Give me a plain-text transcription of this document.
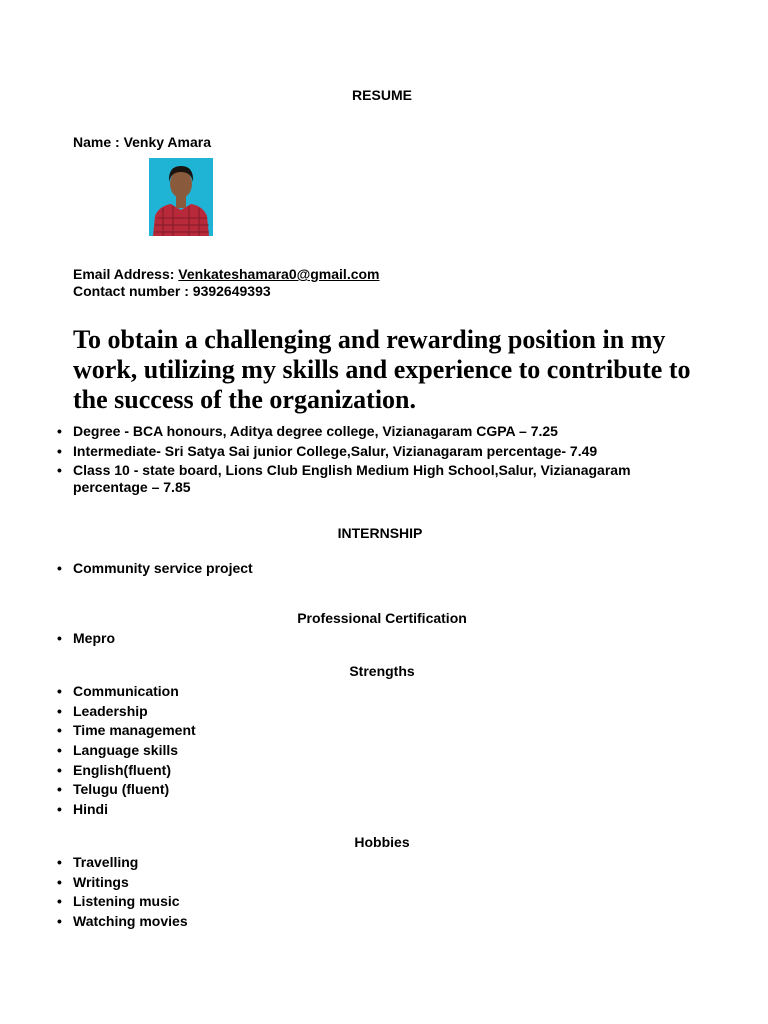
RESUME
Name : Venky Amara
Email Address: Venkateshamara0@gmail.com
Contact number : 9392649393

To obtain a challenging and rewarding position in my work, utilizing my skills and experience to contribute to the success of the organization.

• Degree - BCA honours, Aditya degree college, Vizianagaram CGPA – 7.25
• Intermediate- Sri Satya Sai junior College,Salur, Vizianagaram percentage- 7.49
• Class 10 - state board, Lions Club English Medium High School,Salur, Vizianagaram percentage – 7.85
INTERNSHIP
• Community service project
Professional Certification
• Mepro
Strengths
• Communication
• Leadership
• Time management
• Language skills
• English(fluent)
• Telugu (fluent)
• Hindi
Hobbies
• Travelling
• Writings
• Listening music
• Watching movies
